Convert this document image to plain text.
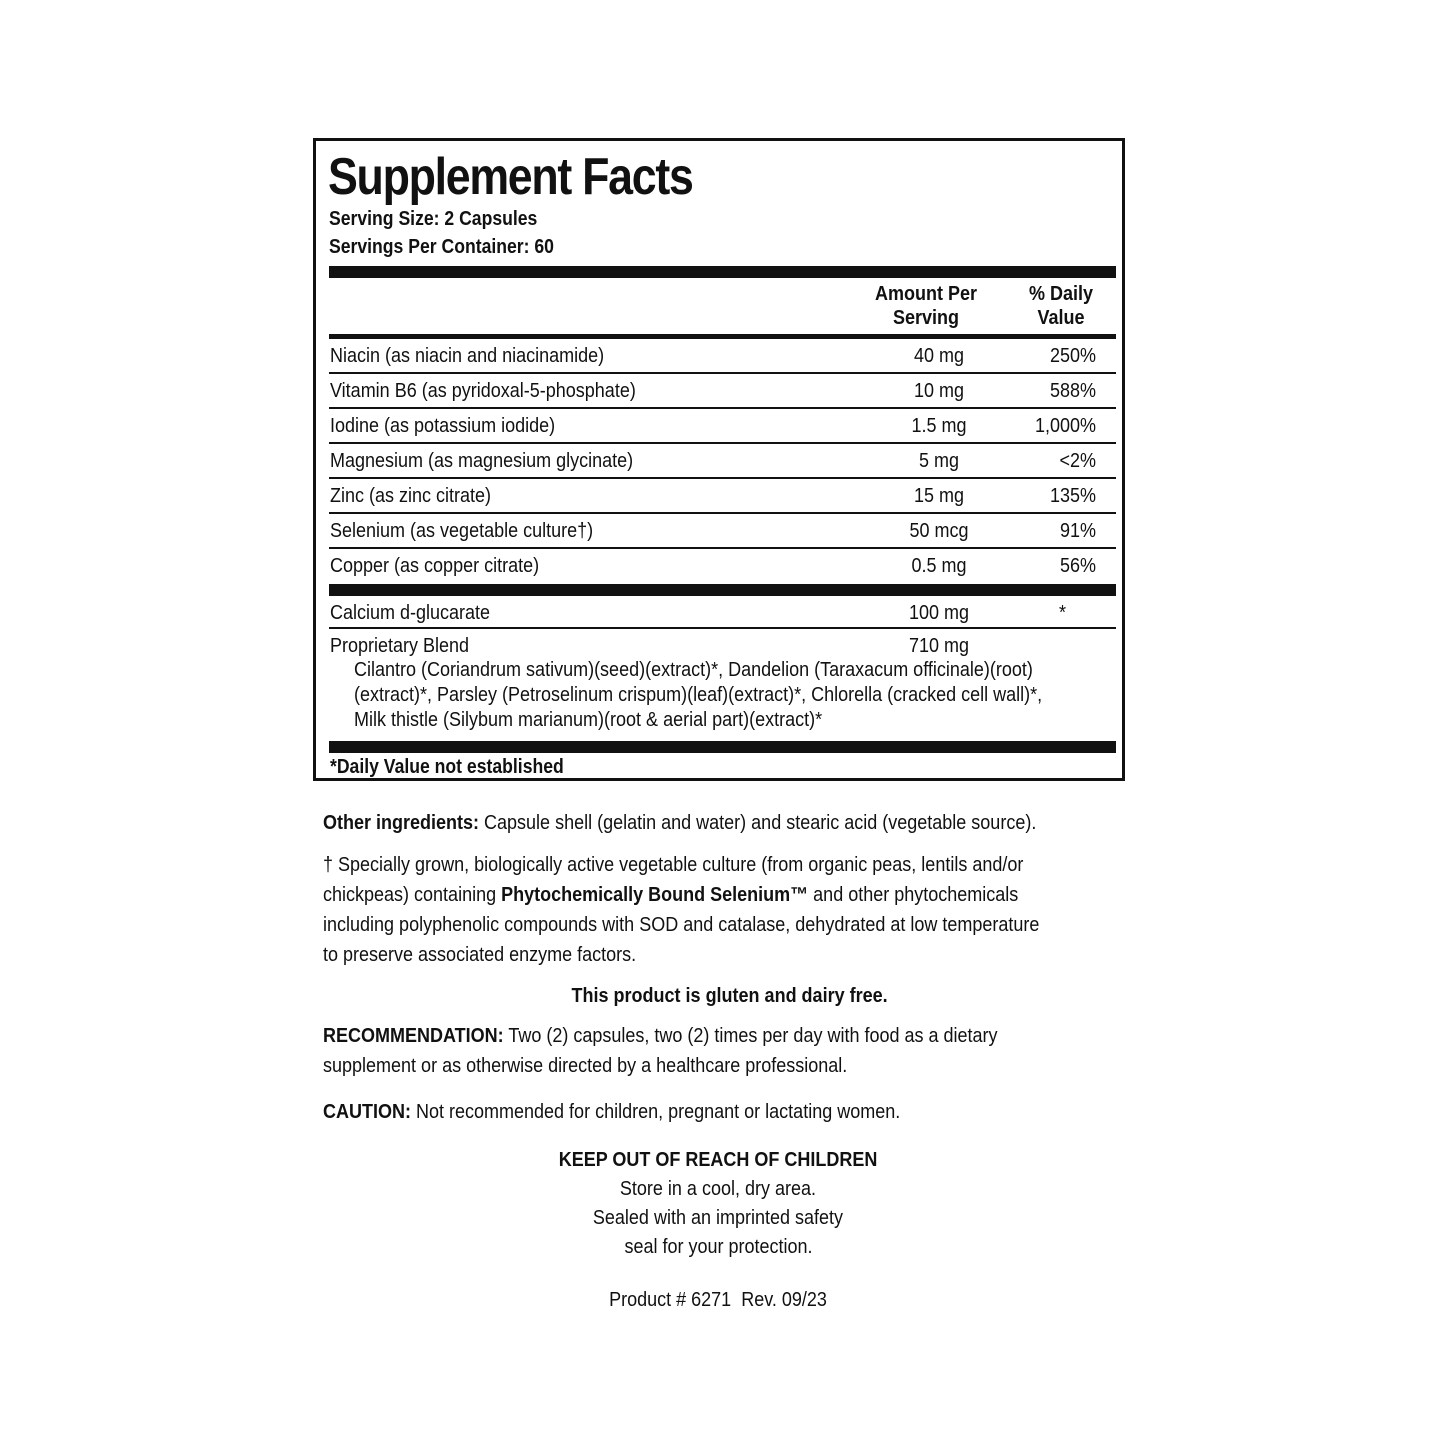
Supplement Facts
Serving Size: 2 Capsules
Servings Per Container: 60
Amount Per
Serving
% Daily
Value
Niacin (as niacin and niacinamide)	40 mg	250%
Vitamin B6 (as pyridoxal-5-phosphate)	10 mg	588%
Iodine (as potassium iodide)	1.5 mg	1,000%
Magnesium (as magnesium glycinate)	5 mg	<2%
Zinc (as zinc citrate)	15 mg	135%
Selenium (as vegetable culture†)	50 mcg	91%
Copper (as copper citrate)	0.5 mg	56%
Calcium d-glucarate	100 mg	*
Proprietary Blend	710 mg
Cilantro (Coriandrum sativum)(seed)(extract)*, Dandelion (Taraxacum officinale)(root)
(extract)*, Parsley (Petroselinum crispum)(leaf)(extract)*, Chlorella (cracked cell wall)*,
Milk thistle (Silybum marianum)(root & aerial part)(extract)*
*Daily Value not established
Other ingredients: Capsule shell (gelatin and water) and stearic acid (vegetable source).
† Specially grown, biologically active vegetable culture (from organic peas, lentils and/or
chickpeas) containing Phytochemically Bound Selenium™ and other phytochemicals
including polyphenolic compounds with SOD and catalase, dehydrated at low temperature
to preserve associated enzyme factors.
This product is gluten and dairy free.
RECOMMENDATION: Two (2) capsules, two (2) times per day with food as a dietary
supplement or as otherwise directed by a healthcare professional.
CAUTION: Not recommended for children, pregnant or lactating women.
KEEP OUT OF REACH OF CHILDREN
Store in a cool, dry area.
Sealed with an imprinted safety
seal for your protection.
Product # 6271  Rev. 09/23
